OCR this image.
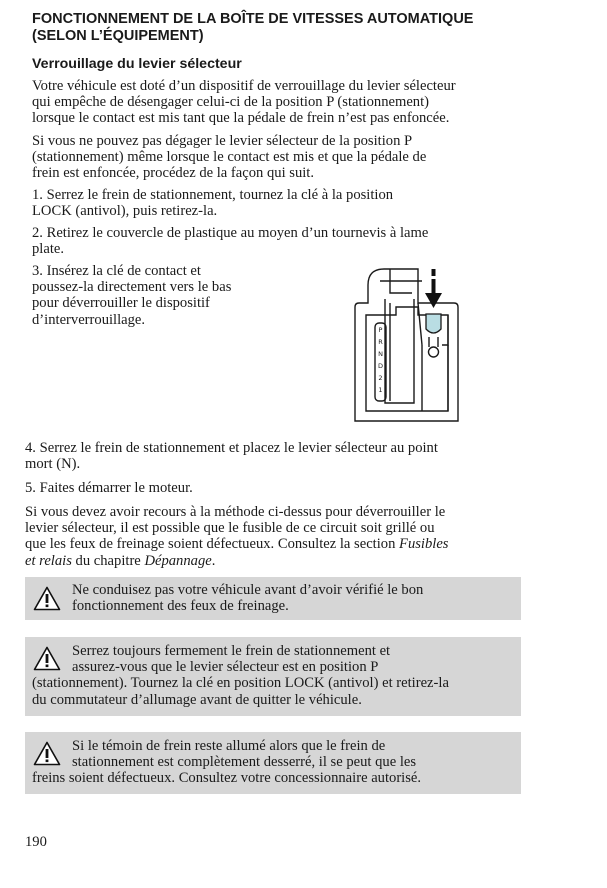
FONCTIONNEMENT DE LA BOÎTE DE VITESSES AUTOMATIQUE
(SELON L’ÉQUIPEMENT)
Verrouillage du levier sélecteur

Votre véhicule est doté d’un dispositif de verrouillage du levier sélecteur
qui empêche de désengager celui-ci de la position P (stationnement)
lorsque le contact est mis tant que la pédale de frein n’est pas enfoncée.

Si vous ne pouvez pas dégager le levier sélecteur de la position P
(stationnement) même lorsque le contact est mis et que la pédale de
frein est enfoncée, procédez de la façon qui suit.

1. Serrez le frein de stationnement, tournez la clé à la position
LOCK (antivol), puis retirez-la.

2. Retirez le couvercle de plastique au moyen d’un tournevis à lame
plate.

3. Insérez la clé de contact et
poussez-la directement vers le bas
pour déverrouiller le dispositif
d’interverrouillage.

P
R
N
D
2
1

4. Serrez le frein de stationnement et placez le levier sélecteur au point
mort (N).

5. Faites démarrer le moteur.

Si vous devez avoir recours à la méthode ci-dessus pour déverrouiller le
levier sélecteur, il est possible que le fusible de ce circuit soit grillé ou
que les feux de freinage soient défectueux. Consultez la section Fusibles
et relais du chapitre Dépannage.

Ne conduisez pas votre véhicule avant d’avoir vérifié le bon
fonctionnement des feux de freinage.

Serrez toujours fermement le frein de stationnement et
assurez-vous que le levier sélecteur est en position P
(stationnement). Tournez la clé en position LOCK (antivol) et retirez-la
du commutateur d’allumage avant de quitter le véhicule.

Si le témoin de frein reste allumé alors que le frein de
stationnement est complètement desserré, il se peut que les
freins soient défectueux. Consultez votre concessionnaire autorisé.

190
